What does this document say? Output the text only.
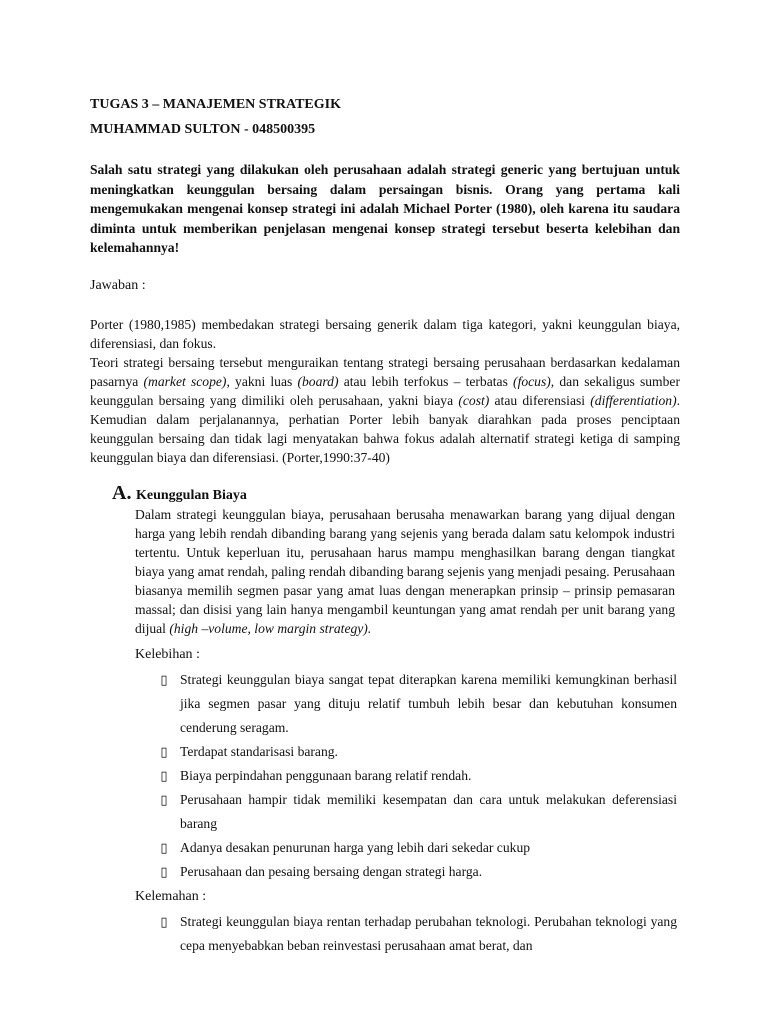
TUGAS 3 – MANAJEMEN STRATEGIK
MUHAMMAD SULTON - 048500395
Salah satu strategi yang dilakukan oleh perusahaan adalah strategi generic yang bertujuan untuk meningkatkan keunggulan bersaing dalam persaingan bisnis. Orang yang pertama kali mengemukakan mengenai konsep strategi ini adalah Michael Porter (1980), oleh karena itu saudara diminta untuk memberikan penjelasan mengenai konsep strategi tersebut beserta kelebihan dan kelemahannya!
Jawaban :
Porter (1980,1985) membedakan strategi bersaing generik dalam tiga kategori, yakni keunggulan biaya, diferensiasi, dan fokus.
Teori strategi bersaing tersebut menguraikan tentang strategi bersaing perusahaan berdasarkan kedalaman pasarnya (market scope), yakni luas (board) atau lebih terfokus – terbatas (focus), dan sekaligus sumber keunggulan bersaing yang dimiliki oleh perusahaan, yakni biaya (cost) atau diferensiasi (differentiation). Kemudian dalam perjalanannya, perhatian Porter lebih banyak diarahkan pada proses penciptaan keunggulan bersaing dan tidak lagi menyatakan bahwa fokus adalah alternatif strategi ketiga di samping keunggulan biaya dan diferensiasi. (Porter,1990:37-40)
A. Keunggulan Biaya
Dalam strategi keunggulan biaya, perusahaan berusaha menawarkan barang yang dijual dengan harga yang lebih rendah dibanding barang yang sejenis yang berada dalam satu kelompok industri tertentu. Untuk keperluan itu, perusahaan harus mampu menghasilkan barang dengan tiangkat biaya yang amat rendah, paling rendah dibanding barang sejenis yang menjadi pesaing. Perusahaan biasanya memilih segmen pasar yang amat luas dengan menerapkan prinsip – prinsip pemasaran massal; dan disisi yang lain hanya mengambil keuntungan yang amat rendah per unit barang yang dijual (high –volume, low margin strategy).
Kelebihan :
▯ Strategi keunggulan biaya sangat tepat diterapkan karena memiliki kemungkinan berhasil jika segmen pasar yang dituju relatif tumbuh lebih besar dan kebutuhan konsumen cenderung seragam.
▯ Terdapat standarisasi barang.
▯ Biaya perpindahan penggunaan barang relatif rendah.
▯ Perusahaan hampir tidak memiliki kesempatan dan cara untuk melakukan deferensiasi barang
▯ Adanya desakan penurunan harga yang lebih dari sekedar cukup
▯ Perusahaan dan pesaing bersaing dengan strategi harga.
Kelemahan :
▯ Strategi keunggulan biaya rentan terhadap perubahan teknologi. Perubahan teknologi yang cepa menyebabkan beban reinvestasi perusahaan amat berat, dan
